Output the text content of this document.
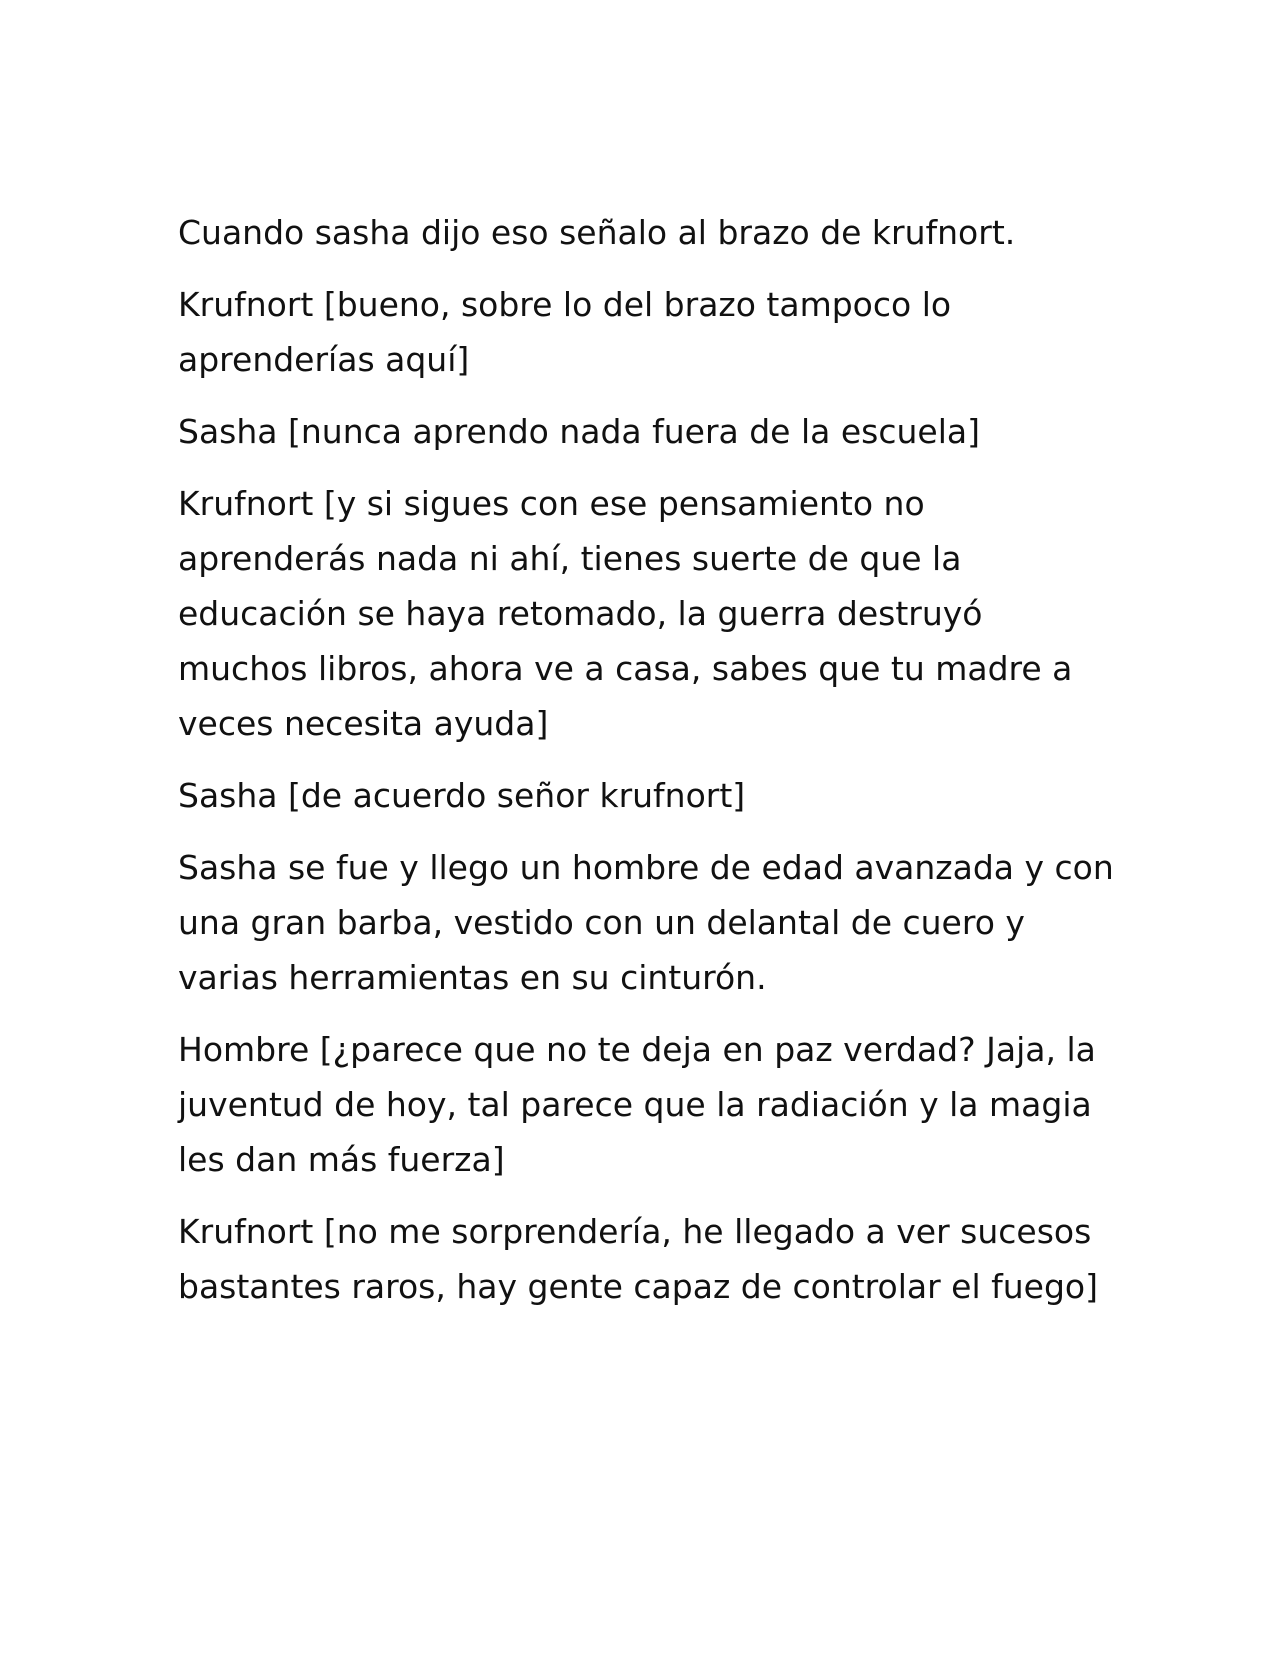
Cuando sasha dijo eso señalo al brazo de krufnort.

Krufnort [bueno, sobre lo del brazo tampoco lo aprenderías aquí]

Sasha [nunca aprendo nada fuera de la escuela]

Krufnort [y si sigues con ese pensamiento no aprenderás nada ni ahí, tienes suerte de que la educación se haya retomado, la guerra destruyó muchos libros, ahora ve a casa, sabes que tu madre a veces necesita ayuda]

Sasha [de acuerdo señor krufnort]

Sasha se fue y llego un hombre de edad avanzada y con una gran barba, vestido con un delantal de cuero y varias herramientas en su cinturón.

Hombre [¿parece que no te deja en paz verdad? Jaja, la juventud de hoy, tal parece que la radiación y la magia les dan más fuerza]

Krufnort [no me sorprendería, he llegado a ver sucesos bastantes raros, hay gente capaz de controlar el fuego]
